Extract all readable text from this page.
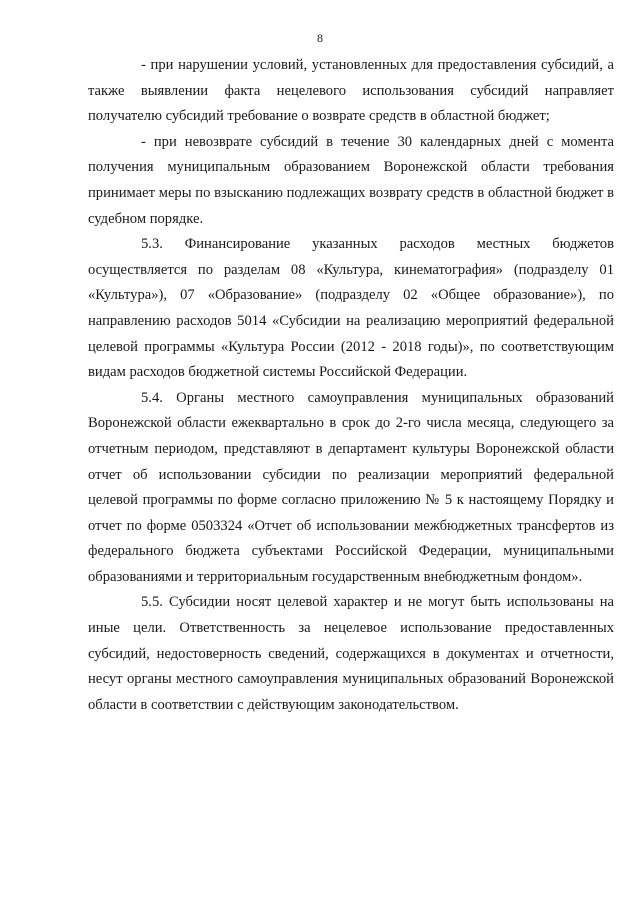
8

- при нарушении условий, установленных для предоставления субсидий, а также выявлении факта нецелевого использования субсидий направляет получателю субсидий требование о возврате средств в областной бюджет;

- при невозврате субсидий в течение 30 календарных дней с момента получения муниципальным образованием Воронежской области требования принимает меры по взысканию подлежащих возврату средств в областной бюджет в судебном порядке.

5.3. Финансирование указанных расходов местных бюджетов осуществляется по разделам 08 «Культура, кинематография» (подразделу 01 «Культура»), 07 «Образование» (подразделу 02 «Общее образование»), по направлению расходов 5014 «Субсидии на реализацию мероприятий федеральной целевой программы «Культура России (2012 - 2018 годы)», по соответствующим видам расходов бюджетной системы Российской Федерации.

5.4. Органы местного самоуправления муниципальных образований Воронежской области ежеквартально в срок до 2-го числа месяца, следующего за отчетным периодом, представляют в департамент культуры Воронежской области отчет об использовании субсидии по реализации мероприятий федеральной целевой программы по форме согласно приложению № 5 к настоящему Порядку и отчет по форме 0503324 «Отчет об использовании межбюджетных трансфертов из федерального бюджета субъектами Российской Федерации, муниципальными образованиями и территориальным государственным внебюджетным фондом».

5.5. Субсидии носят целевой характер и не могут быть использованы на иные цели. Ответственность за нецелевое использование предоставленных субсидий, недостоверность сведений, содержащихся в документах и отчетности, несут органы местного самоуправления муниципальных образований Воронежской области в соответствии с действующим законодательством.
